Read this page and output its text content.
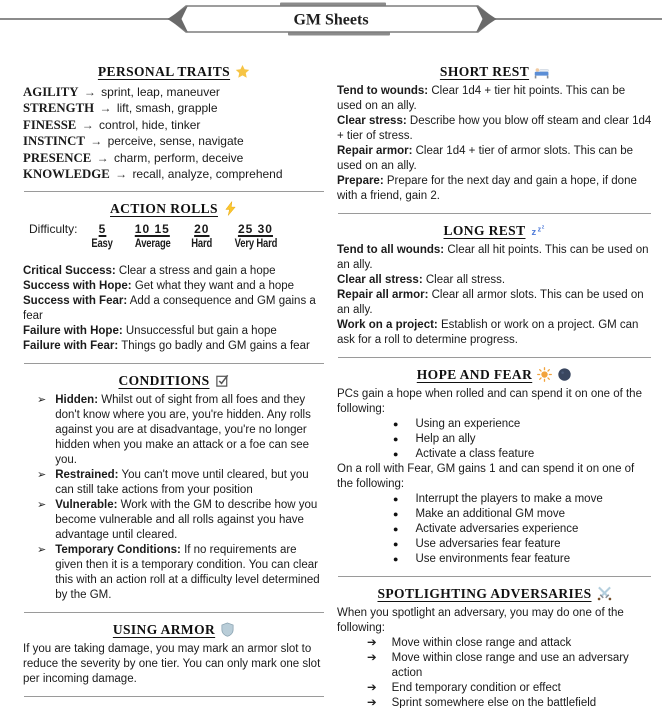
GM Sheets
PERSONAL TRAITS

AGILITY → sprint, leap, maneuver

STRENGTH → lift, smash, grapple

FINESSE → control, hide, tinker

INSTINCT → perceive, sense, navigate

PRESENCE → charm, perform, deceive

KNOWLEDGE → recall, analyze, comprehend

ACTION ROLLS
Difficulty: 5
Easy
10 15
Average
20
Hard
25 30
Very Hard

Critical Success: Clear a stress and gain a hope

Success with Hope: Get what they want and a hope

Success with Fear: Add a consequence and GM gains a fear

Failure with Hope: Unsuccessful but gain a hope

Failure with Fear: Things go badly and GM gains a fear

CONDITIONS
➢ Hidden: Whilst out of sight from all foes and they don't know where you are, you're hidden. Any rolls against you are at disadvantage, you're no longer hidden when you make an attack or a foe can see you.

➢ Restrained: You can't move until cleared, but you can still take actions from your position

➢ Vulnerable: Work with the GM to describe how you become vulnerable and all rolls against you have advantage until cleared.

➢ Temporary Conditions: If no requirements are given then it is a temporary condition. You can clear this with an action roll at a difficulty level determined by the GM.

USING ARMOR

If you are taking damage, you may mark an armor slot to reduce the severity by one tier. You can only mark one slot per incoming damage.

SHORT REST

Tend to wounds: Clear 1d4 + tier hit points. This can be used on an ally.

Clear stress: Describe how you blow off steam and clear 1d4 + tier of stress.

Repair armor: Clear 1d4 + tier of armor slots. This can be used on an ally.

Prepare: Prepare for the next day and gain a hope, if done with a friend, gain 2.

LONG REST z z z

Tend to all wounds: Clear all hit points. This can be used on an ally.

Clear all stress: Clear all stress.

Repair all armor: Clear all armor slots. This can be used on an ally.

Work on a project: Establish or work on a project. GM can ask for a roll to determine progress.

HOPE AND FEAR

PCs gain a hope when rolled and can spend it on one of the following:

● Using an experience
● Help an ally
● Activate a class feature

On a roll with Fear, GM gains 1 and can spend it on one of the following:

● Interrupt the players to make a move
● Make an additional GM move
● Activate adversaries experience
● Use adversaries fear feature
● Use environments fear feature
SPOTLIGHTING ADVERSARIES

When you spotlight an adversary, you may do one of the following:

➔ Move within close range and attack
➔ Move within close range and use an adversary action
➔ End temporary condition or effect
➔ Sprint somewhere else on the battlefield
